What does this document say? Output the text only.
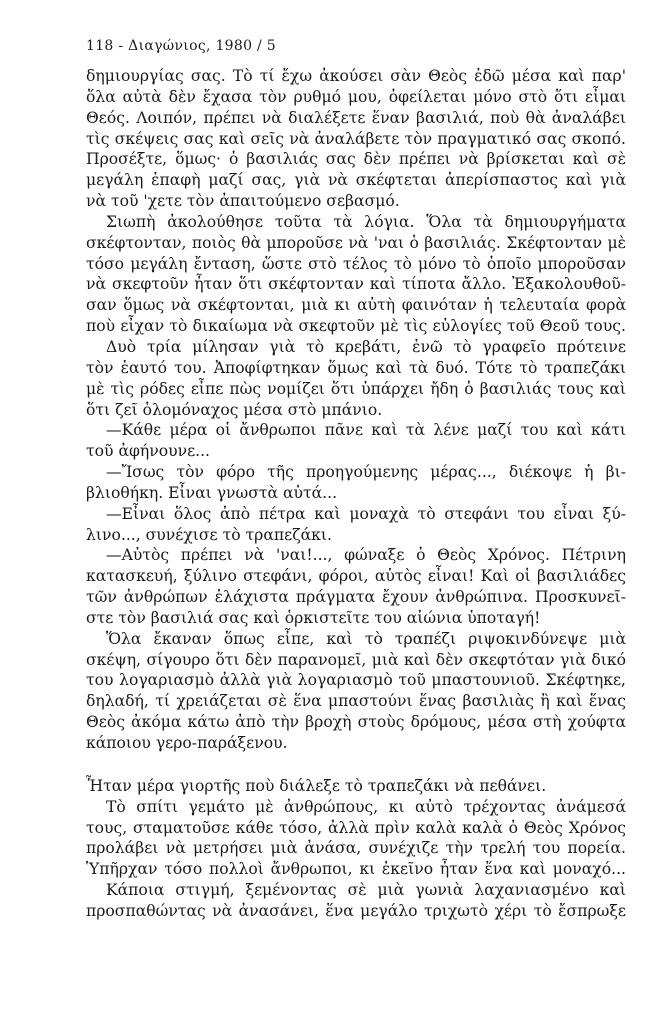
118 - Διαγώνιος, 1980 / 5
δημιουργίας σας. Τὸ τί ἔχω ἀκούσει σὰν Θεὸς ἐδῶ μέσα καὶ παρ'
ὅλα αὐτὰ δὲν ἔχασα τὸν ρυθμό μου, ὀφείλεται μόνο στὸ ὅτι εἶμαι
Θεός. Λοιπόν, πρέπει νὰ διαλέξετε ἕναν βασιλιά, ποὺ θὰ ἀναλάβει
τὶς σκέψεις σας καὶ σεῖς νὰ ἀναλάβετε τὸν πραγματικό σας σκοπό.
Προσέξτε, ὅμως· ὁ βασιλιάς σας δὲν πρέπει νὰ βρίσκεται καὶ σὲ
μεγάλη ἐπαφὴ μαζί σας, γιὰ νὰ σκέφτεται ἀπερίσπαστος καὶ γιὰ
νὰ τοῦ 'χετε τὸν ἀπαιτούμενο σεβασμό.
Σιωπὴ ἀκολούθησε τοῦτα τὰ λόγια. Ὅλα τὰ δημιουργήματα
σκέφτονταν, ποιὸς θὰ μποροῦσε νὰ 'ναι ὁ βασιλιάς. Σκέφτονταν μὲ
τόσο μεγάλη ἔνταση, ὥστε στὸ τέλος τὸ μόνο τὸ ὁποῖο μποροῦσαν
νὰ σκεφτοῦν ἦταν ὅτι σκέφτονταν καὶ τίποτα ἄλλο. Ἐξακολουθοῦ-
σαν ὅμως νὰ σκέφτονται, μιὰ κι αὐτὴ φαινόταν ἡ τελευταία φορὰ
ποὺ εἶχαν τὸ δικαίωμα νὰ σκεφτοῦν μὲ τὶς εὐλογίες τοῦ Θεοῦ τους.
Δυὸ τρία μίλησαν γιὰ τὸ κρεβάτι, ἐνῶ τὸ γραφεῖο πρότεινε
τὸν ἑαυτό του. Ἀποφίφτηκαν ὅμως καὶ τὰ δυό. Τότε τὸ τραπεζάκι
μὲ τὶς ρόδες εἶπε πὼς νομίζει ὅτι ὑπάρχει ἤδη ὁ βασιλιάς τους καὶ
ὅτι ζεῖ ὁλομόναχος μέσα στὸ μπάνιο.
—Κάθε μέρα οἱ ἄνθρωποι πᾶνε καὶ τὰ λένε μαζί του καὶ κάτι
τοῦ ἀφήνουνε...
—Ἴσως τὸν φόρο τῆς προηγούμενης μέρας..., διέκοψε ἡ βι-
βλιοθήκη. Εἶναι γνωστὰ αὐτά...
—Εἶναι ὅλος ἀπὸ πέτρα καὶ μοναχὰ τὸ στεφάνι του εἶναι ξύ-
λινο..., συνέχισε τὸ τραπεζάκι.
—Αὐτὸς πρέπει νὰ 'ναι!..., φώναξε ὁ Θεὸς Χρόνος. Πέτρινη
κατασκευή, ξύλινο στεφάνι, φόροι, αὐτὸς εἶναι! Καὶ οἱ βασιλιάδες
τῶν ἀνθρώπων ἐλάχιστα πράγματα ἔχουν ἀνθρώπινα. Προσκυνεῖ-
στε τὸν βασιλιά σας καὶ ὁρκιστεῖτε του αἰώνια ὑποταγή!
Ὅλα ἔκαναν ὅπως εἶπε, καὶ τὸ τραπέζι ριψοκινδύνεψε μιὰ
σκέψη, σίγουρο ὅτι δὲν παρανομεῖ, μιὰ καὶ δὲν σκεφτόταν γιὰ δικό
του λογαριασμὸ ἀλλὰ γιὰ λογαριασμὸ τοῦ μπαστουνιοῦ. Σκέφτηκε,
δηλαδή, τί χρειάζεται σὲ ἕνα μπαστούνι ἕνας βασιλιὰς ἢ καὶ ἕνας
Θεὸς ἀκόμα κάτω ἀπὸ τὴν βροχὴ στοὺς δρόμους, μέσα στὴ χούφτα
κάποιου γερο-παράξενου.
Ἦταν μέρα γιορτῆς ποὺ διάλεξε τὸ τραπεζάκι νὰ πεθάνει.
Τὸ σπίτι γεμάτο μὲ ἀνθρώπους, κι αὐτὸ τρέχοντας ἀνάμεσά
τους, σταματοῦσε κάθε τόσο, ἀλλὰ πρὶν καλὰ καλὰ ὁ Θεὸς Χρόνος
προλάβει νὰ μετρήσει μιὰ ἀνάσα, συνέχιζε τὴν τρελή του πορεία.
Ὑπῆρχαν τόσο πολλοὶ ἄνθρωποι, κι ἐκεῖνο ἦταν ἕνα καὶ μοναχό...
Κάποια στιγμή, ξεμένοντας σὲ μιὰ γωνιὰ λαχανιασμένο καὶ
προσπαθώντας νὰ ἀνασάνει, ἕνα μεγάλο τριχωτὸ χέρι τὸ ἔσπρωξε
